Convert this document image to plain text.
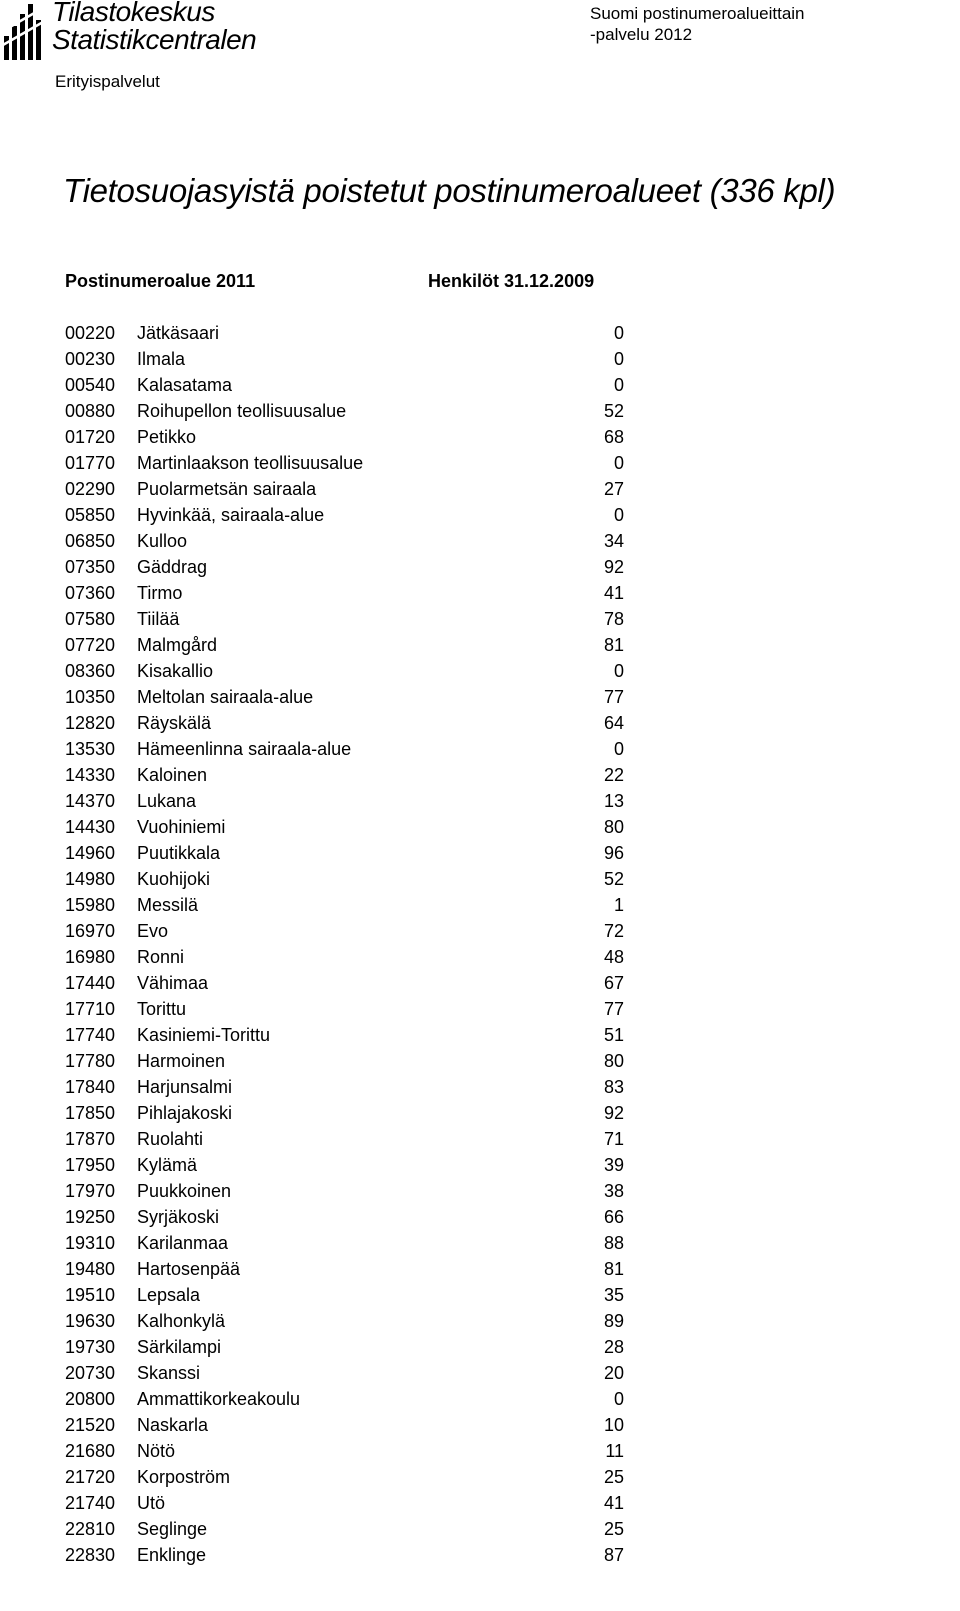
Tilastokeskus
Statistikcentralen
Suomi postinumeroalueittain
-palvelu 2012
Erityispalvelut
Tietosuojasyistä poistetut postinumeroalueet (336 kpl)
Postinumeroalue 2011	Henkilöt 31.12.2009
00220 Jätkäsaari	0
00230 Ilmala	0
00540 Kalasatama	0
00880 Roihupellon teollisuusalue	52
01720 Petikko	68
01770 Martinlaakson teollisuusalue	0
02290 Puolarmetsän sairaala	27
05850 Hyvinkää, sairaala-alue	0
06850 Kulloo	34
07350 Gäddrag	92
07360 Tirmo	41
07580 Tiilää	78
07720 Malmgård	81
08360 Kisakallio	0
10350 Meltolan sairaala-alue	77
12820 Räyskälä	64
13530 Hämeenlinna sairaala-alue	0
14330 Kaloinen	22
14370 Lukana	13
14430 Vuohiniemi	80
14960 Puutikkala	96
14980 Kuohijoki	52
15980 Messilä	1
16970 Evo	72
16980 Ronni	48
17440 Vähimaa	67
17710 Torittu	77
17740 Kasiniemi-Torittu	51
17780 Harmoinen	80
17840 Harjunsalmi	83
17850 Pihlajakoski	92
17870 Ruolahti	71
17950 Kylämä	39
17970 Puukkoinen	38
19250 Syrjäkoski	66
19310 Karilanmaa	88
19480 Hartosenpää	81
19510 Lepsala	35
19630 Kalhonkylä	89
19730 Särkilampi	28
20730 Skanssi	20
20800 Ammattikorkeakoulu	0
21520 Naskarla	10
21680 Nötö	11
21720 Korpoström	25
21740 Utö	41
22810 Seglinge	25
22830 Enklinge	87
